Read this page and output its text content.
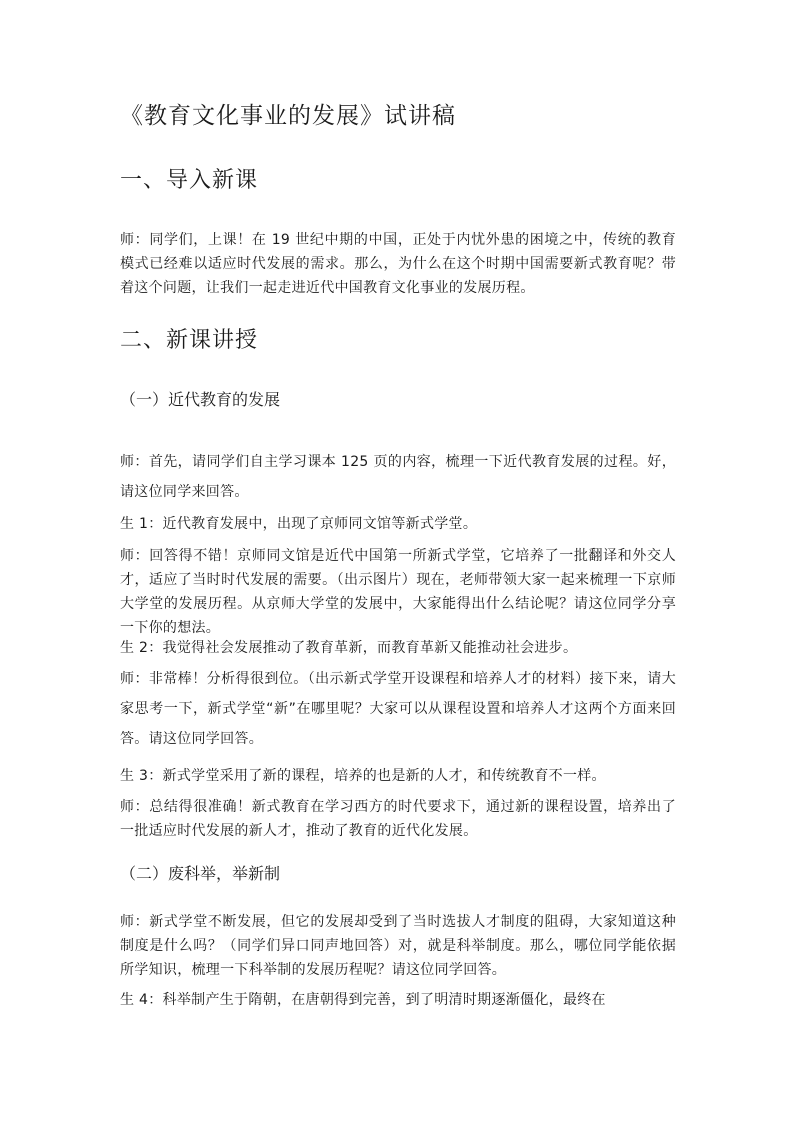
《教育文化事业的发展》试讲稿
一、导入新课

师：同学们，上课！在 19 世纪中期的中国，正处于内忧外患的困境之中，传统的教育模式已经难以适应时代发展的需求。那么，为什么在这个时期中国需要新式教育呢？带着这个问题，让我们一起走进近代中国教育文化事业的发展历程。

二、新课讲授
（一）近代教育的发展

师：首先，请同学们自主学习课本 125 页的内容，梳理一下近代教育发展的过程。好，请这位同学来回答。

生 1：近代教育发展中，出现了京师同文馆等新式学堂。

师：回答得不错！京师同文馆是近代中国第一所新式学堂，它培养了一批翻译和外交人才，适应了当时时代发展的需要。（出示图片）现在，老师带领大家一起来梳理一下京师大学堂的发展历程。从京师大学堂的发展中，大家能得出什么结论呢？请这位同学分享一下你的想法。

生 2：我觉得社会发展推动了教育革新，而教育革新又能推动社会进步。

师：非常棒！分析得很到位。（出示新式学堂开设课程和培养人才的材料）接下来，请大家思考一下，新式学堂“新”在哪里呢？大家可以从课程设置和培养人才这两个方面来回答。请这位同学回答。

生 3：新式学堂采用了新的课程，培养的也是新的人才，和传统教育不一样。

师：总结得很准确！新式教育在学习西方的时代要求下，通过新的课程设置，培养出了一批适应时代发展的新人才，推动了教育的近代化发展。

（二）废科举，举新制

师：新式学堂不断发展，但它的发展却受到了当时选拔人才制度的阻碍，大家知道这种制度是什么吗？（同学们异口同声地回答）对，就是科举制度。那么，哪位同学能依据所学知识，梳理一下科举制的发展历程呢？请这位同学回答。

生 4：科举制产生于隋朝，在唐朝得到完善，到了明清时期逐渐僵化，最终在
